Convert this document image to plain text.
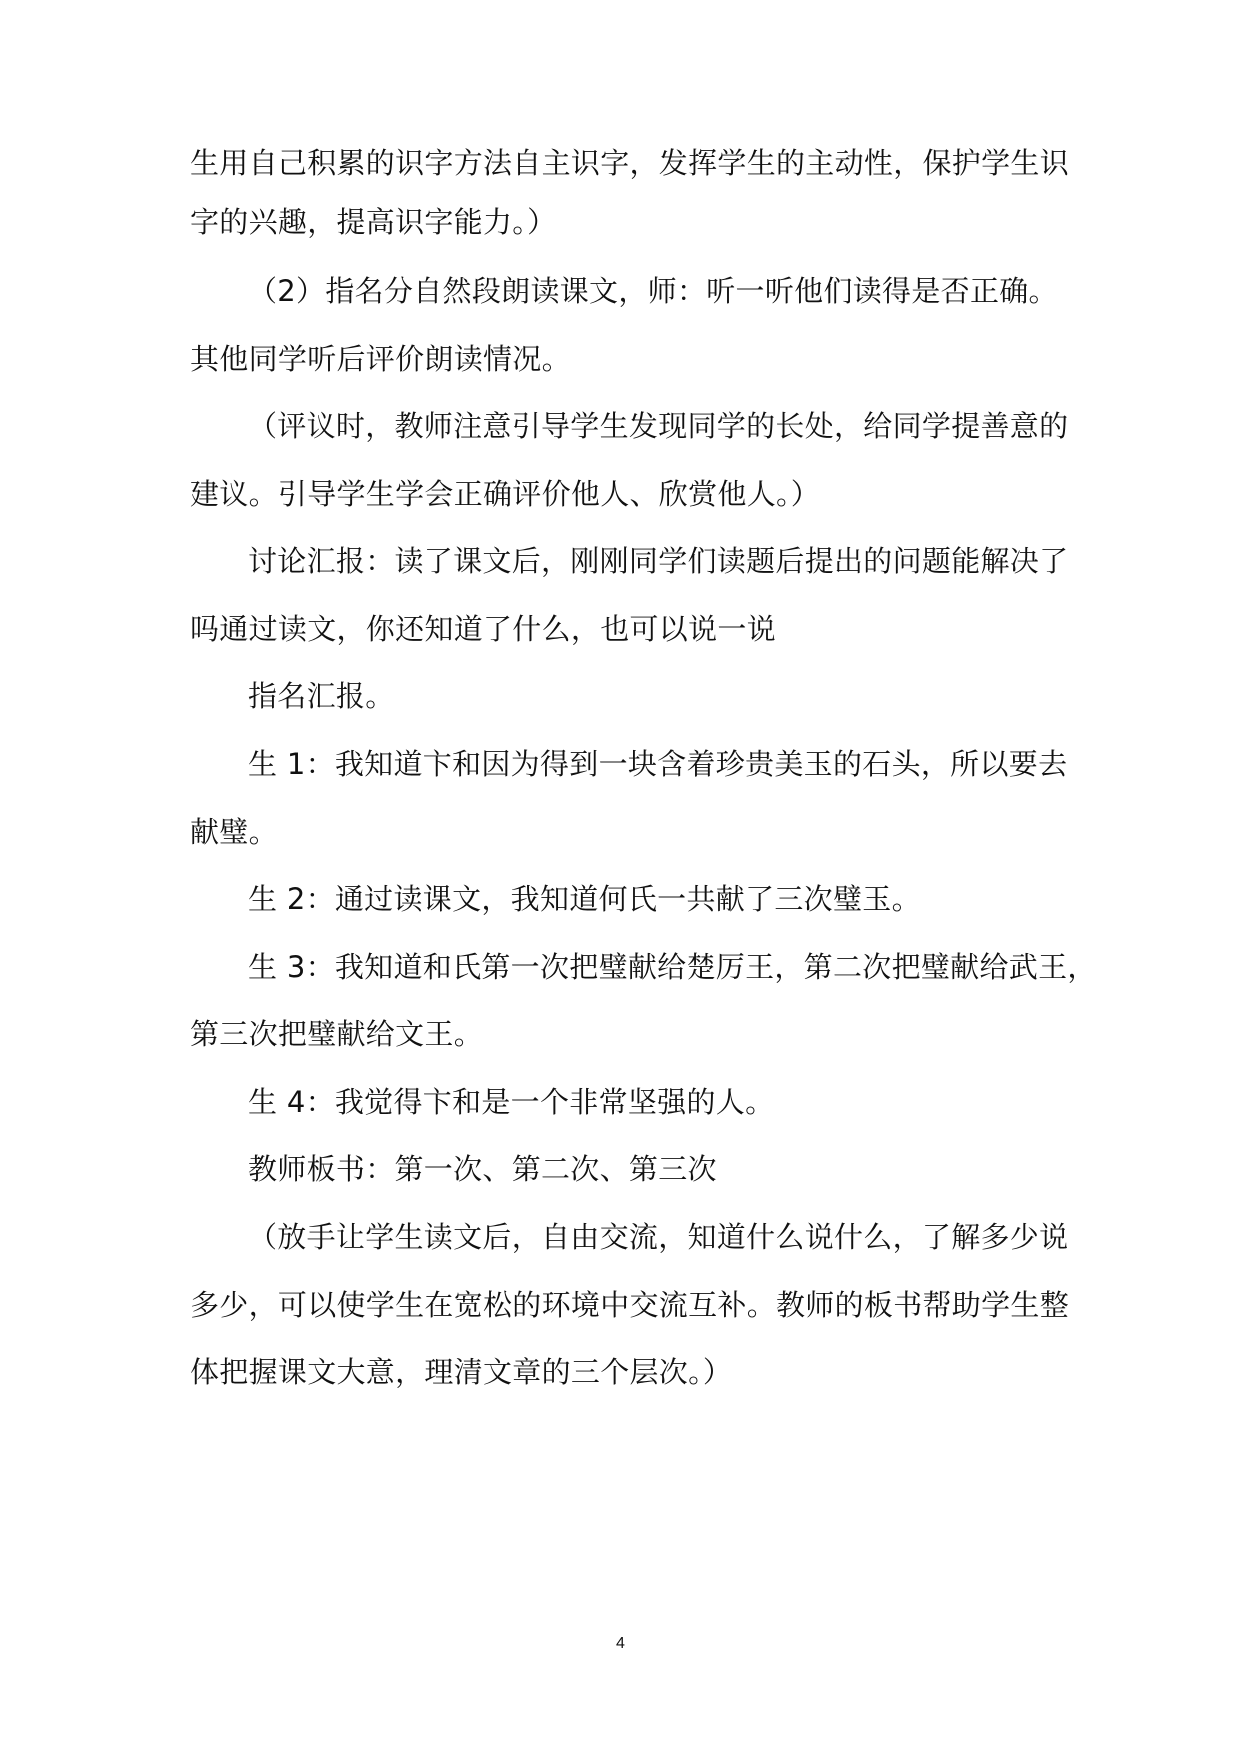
生用自己积累的识字方法自主识字，发挥学生的主动性，保护学生识
字的兴趣，提高识字能力。）
（2）指名分自然段朗读课文，师：听一听他们读得是否正确。
其他同学听后评价朗读情况。
（评议时，教师注意引导学生发现同学的长处，给同学提善意的
建议。引导学生学会正确评价他人、欣赏他人。）
讨论汇报：读了课文后，刚刚同学们读题后提出的问题能解决了
吗通过读文，你还知道了什么，也可以说一说
指名汇报。
生 1：我知道卞和因为得到一块含着珍贵美玉的石头，所以要去
献璧。
生 2：通过读课文，我知道何氏一共献了三次璧玉。
生 3：我知道和氏第一次把璧献给楚厉王，第二次把璧献给武王，
第三次把璧献给文王。
生 4：我觉得卞和是一个非常坚强的人。
教师板书：第一次、第二次、第三次
（放手让学生读文后，自由交流，知道什么说什么，了解多少说
多少，可以使学生在宽松的环境中交流互补。教师的板书帮助学生整
体把握课文大意，理清文章的三个层次。）
4
